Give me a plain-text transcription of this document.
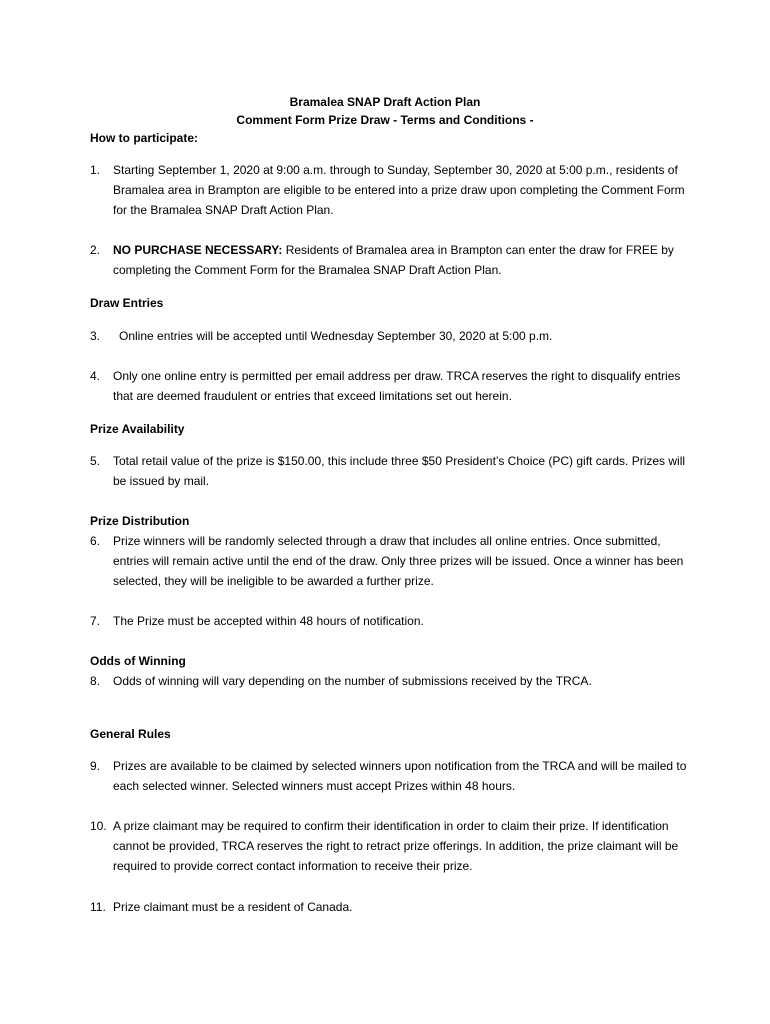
Bramalea SNAP Draft Action Plan
Comment Form Prize Draw - Terms and Conditions -
How to participate:
1. Starting September 1, 2020 at 9:00 a.m. through to Sunday, September 30, 2020 at 5:00 p.m., residents of Bramalea area in Brampton are eligible to be entered into a prize draw upon completing the Comment Form for the Bramalea SNAP Draft Action Plan.
2. NO PURCHASE NECESSARY: Residents of Bramalea area in Brampton can enter the draw for FREE by completing the Comment Form for the Bramalea SNAP Draft Action Plan.
Draw Entries
3. Online entries will be accepted until Wednesday September 30, 2020 at 5:00 p.m.
4. Only one online entry is permitted per email address per draw. TRCA reserves the right to disqualify entries that are deemed fraudulent or entries that exceed limitations set out herein.
Prize Availability
5. Total retail value of the prize is $150.00, this include three $50 President’s Choice (PC) gift cards. Prizes will be issued by mail.
Prize Distribution
6. Prize winners will be randomly selected through a draw that includes all online entries. Once submitted, entries will remain active until the end of the draw. Only three prizes will be issued. Once a winner has been selected, they will be ineligible to be awarded a further prize.
7. The Prize must be accepted within 48 hours of notification.
Odds of Winning
8. Odds of winning will vary depending on the number of submissions received by the TRCA.
General Rules
9. Prizes are available to be claimed by selected winners upon notification from the TRCA and will be mailed to each selected winner. Selected winners must accept Prizes within 48 hours.
10. A prize claimant may be required to confirm their identification in order to claim their prize. If identification cannot be provided, TRCA reserves the right to retract prize offerings. In addition, the prize claimant will be required to provide correct contact information to receive their prize.
11. Prize claimant must be a resident of Canada.
